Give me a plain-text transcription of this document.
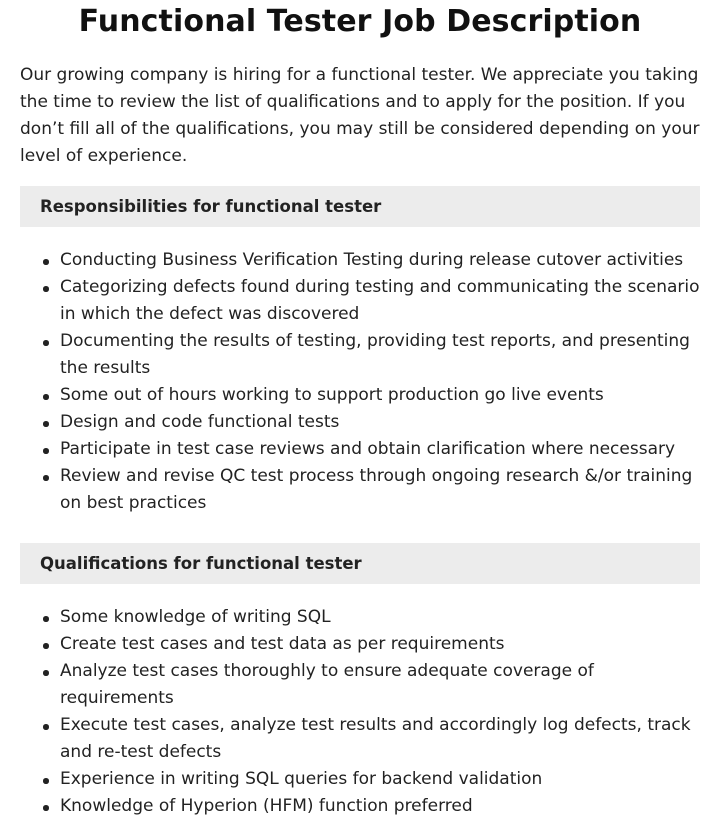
Functional Tester Job Description

Our growing company is hiring for a functional tester. We appreciate you taking the time to review the list of qualifications and to apply for the position. If you don’t fill all of the qualifications, you may still be considered depending on your level of experience.

Responsibilities for functional tester
Conducting Business Verification Testing during release cutover activities
Categorizing defects found during testing and communicating the scenario in which the defect was discovered
Documenting the results of testing, providing test reports, and presenting the results
Some out of hours working to support production go live events
Design and code functional tests
Participate in test case reviews and obtain clarification where necessary
Review and revise QC test process through ongoing research &/or training on best practices
Qualifications for functional tester
Some knowledge of writing SQL
Create test cases and test data as per requirements
Analyze test cases thoroughly to ensure adequate coverage of requirements
Execute test cases, analyze test results and accordingly log defects, track and re-test defects
Experience in writing SQL queries for backend validation
Knowledge of Hyperion (HFM) function preferred
